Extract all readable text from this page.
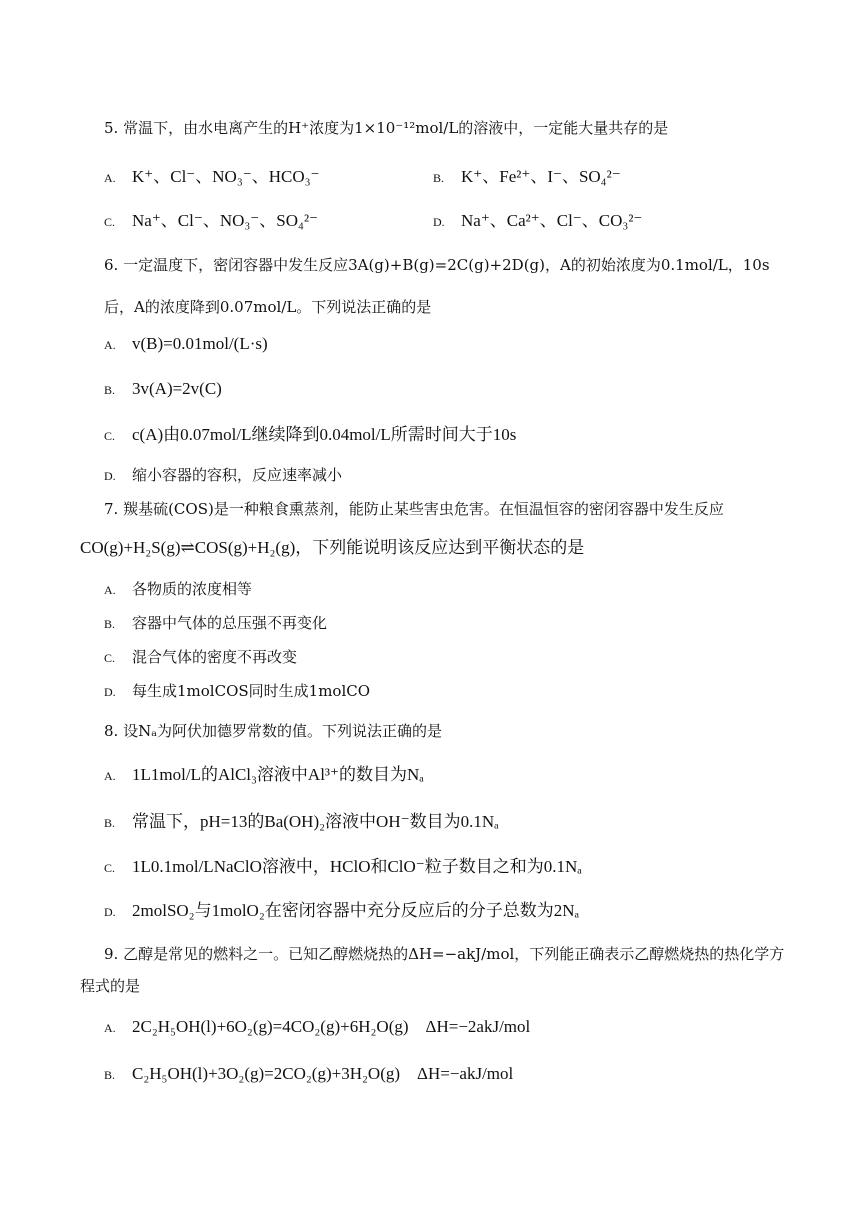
5. 常温下，由水电离产生的H⁺浓度为1×10⁻¹²mol/L的溶液中，一定能大量共存的是
A. K⁺、Cl⁻、NO₃⁻、HCO₃⁻	B. K⁺、Fe²⁺、I⁻、SO₄²⁻
C. Na⁺、Cl⁻、NO₃⁻、SO₄²⁻	D. Na⁺、Ca²⁺、Cl⁻、CO₃²⁻
6. 一定温度下，密闭容器中发生反应3A(g)+B(g)=2C(g)+2D(g)，A的初始浓度为0.1mol/L，10s
后，A的浓度降到0.07mol/L。下列说法正确的是
A. v(B)=0.01mol/(L·s)
B. 3v(A)=2v(C)
C. c(A)由0.07mol/L继续降到0.04mol/L所需时间大于10s
D. 缩小容器的容积，反应速率减小
7. 羰基硫(COS)是一种粮食熏蒸剂，能防止某些害虫危害。在恒温恒容的密闭容器中发生反应
CO(g)+H₂S(g)⇌COS(g)+H₂(g)，下列能说明该反应达到平衡状态的是
A. 各物质的浓度相等
B. 容器中气体的总压强不再变化
C. 混合气体的密度不再改变
D. 每生成1molCOS同时生成1molCO
8. 设Nₐ为阿伏加德罗常数的值。下列说法正确的是
A. 1L1mol/L的AlCl₃溶液中Al³⁺的数目为Nₐ
B. 常温下，pH=13的Ba(OH)₂溶液中OH⁻数目为0.1Nₐ
C. 1L0.1mol/LNaClO溶液中，HClO和ClO⁻粒子数目之和为0.1Nₐ
D. 2molSO₂与1molO₂在密闭容器中充分反应后的分子总数为2Nₐ
9. 乙醇是常见的燃料之一。已知乙醇燃烧热的ΔH=−akJ/mol，下列能正确表示乙醇燃烧热的热化学方
程式的是
A. 2C₂H₅OH(l)+6O₂(g)=4CO₂(g)+6H₂O(g)    ΔH=−2akJ/mol
B. C₂H₅OH(l)+3O₂(g)=2CO₂(g)+3H₂O(g)    ΔH=−akJ/mol
